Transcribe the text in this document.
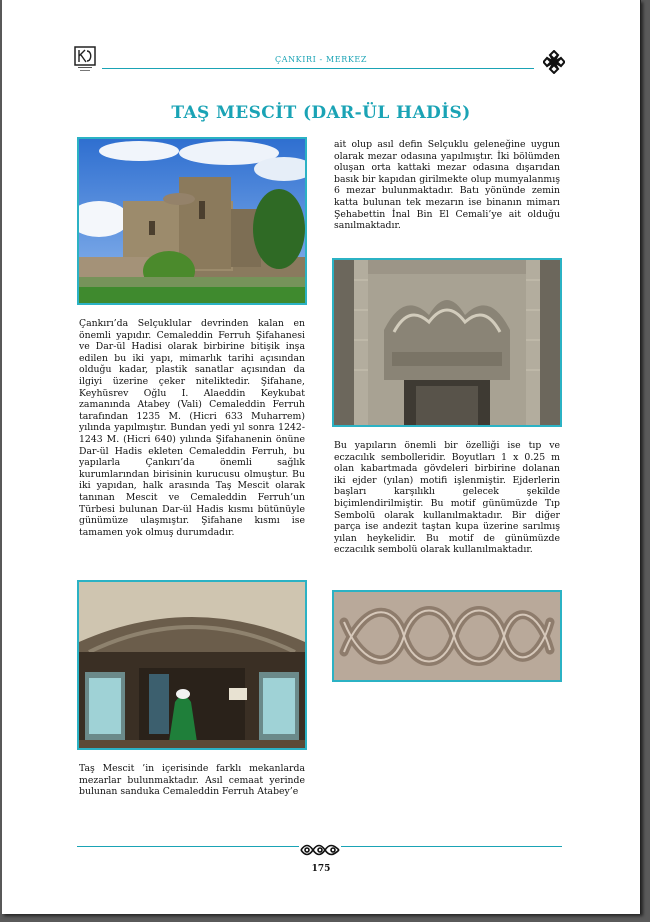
ÇANKIRI - MERKEZ
TAŞ MESCİT (DAR-ÜL HADİS)

Çankırı’da Selçuklular devrinden kalan en önemli yapıdır. Cemaleddin Ferruh Şifahanesi ve Dar-ül Hadisi olarak birbirine bitişik inşa edilen bu iki yapı, mimarlık tarihi açısından olduğu kadar, plastik sanatlar açısından da ilgiyi üzerine çeker niteliktedir. Şifahane, Keyhüsrev Oğlu I. Alaeddin Keykubat zamanında Atabey (Vali) Cemaleddin Ferruh tarafından 1235 M. (Hicri 633 Muharrem) yılında yapılmıştır. Bundan yedi yıl sonra 1242-1243 M. (Hicri 640) yılında Şifahanenin önüne Dar-ül Hadis ekleten Cemaleddin Ferruh, bu yapılarla Çankırı’da önemli sağlık kurumlarından birisinin kurucusu olmuştur. Bu iki yapıdan, halk arasında Taş Mescit olarak tanınan Mescit ve Cemaleddin Ferruh’un Türbesi bulunan Dar-ül Hadis kısmı bütünüyle günümüze ulaşmıştır. Şifahane kısmı ise tamamen yok olmuş durumdadır.

Taş Mescit ’in içerisinde farklı mekanlarda mezarlar bulunmaktadır. Asıl cemaat yerinde bulunan sanduka Cemaleddin Ferruh Atabey’e

ait olup asıl defin Selçuklu geleneğine uygun olarak mezar odasına yapılmıştır. İki bölümden oluşan orta kattaki mezar odasına dışarıdan basık bir kapıdan girilmekte olup mumyalanmış 6 mezar bulunmaktadır. Batı yönünde zemin katta bulunan tek mezarın ise binanın mimarı Şehabettin İnal Bin El Cemali’ye ait olduğu sanılmaktadır.

Bu yapıların önemli bir özelliği ise tıp ve eczacılık sembolleridir. Boyutları 1 x 0.25 m olan kabartmada gövdeleri birbirine dolanan iki ejder (yılan) motifi işlenmiştir. Ejderlerin başları karşılıklı gelecek şekilde biçimlendirilmiştir. Bu motif günümüzde Tıp Sembolü olarak kullanılmaktadır. Bir diğer parça ise andezit taştan kupa üzerine sarılmış yılan heykelidir. Bu motif de günümüzde eczacılık sembolü olarak kullanılmaktadır.

175
